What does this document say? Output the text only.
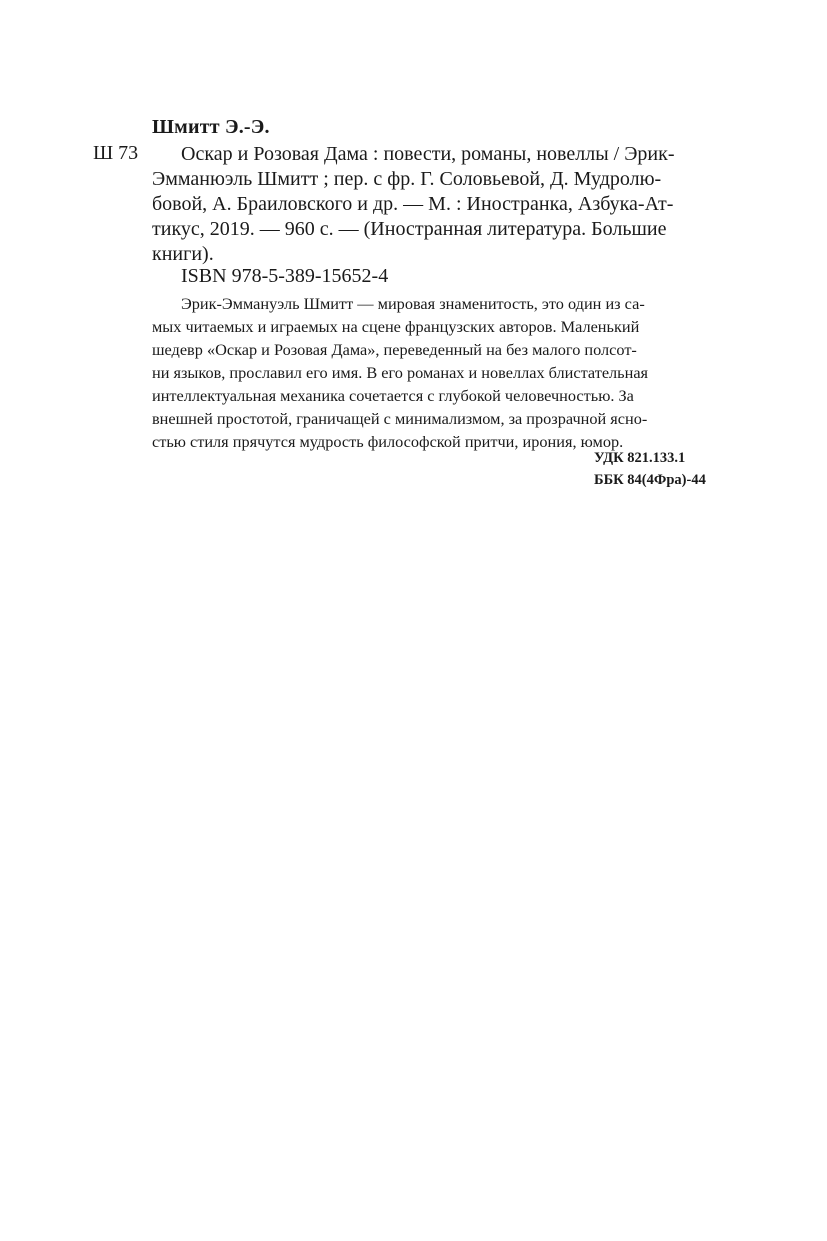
Шмитт Э.-Э.
Ш 73 Оскар и Розовая Дама : повести, романы, новеллы / Эрик-
Эмманюэль Шмитт ; пер. с фр. Г. Соловьевой, Д. Мудролю-
бовой, А. Браиловского и др. — М. : Иностранка, Азбука-Ат-
тикус, 2019. — 960 с. — (Иностранная литература. Большие
книги).
ISBN 978-5-389-15652-4
Эрик-Эммануэль Шмитт — мировая знаменитость, это один из са-
мых читаемых и играемых на сцене французских авторов. Маленький
шедевр «Оскар и Розовая Дама», переведенный на без малого полсот-
ни языков, прославил его имя. В его романах и новеллах блистательная
интеллектуальная механика сочетается с глубокой человечностью. За
внешней простотой, граничащей с минимализмом, за прозрачной ясно-
стью стиля прячутся мудрость философской притчи, ирония, юмор.
УДК 821.133.1
ББК 84(4Фра)-44
